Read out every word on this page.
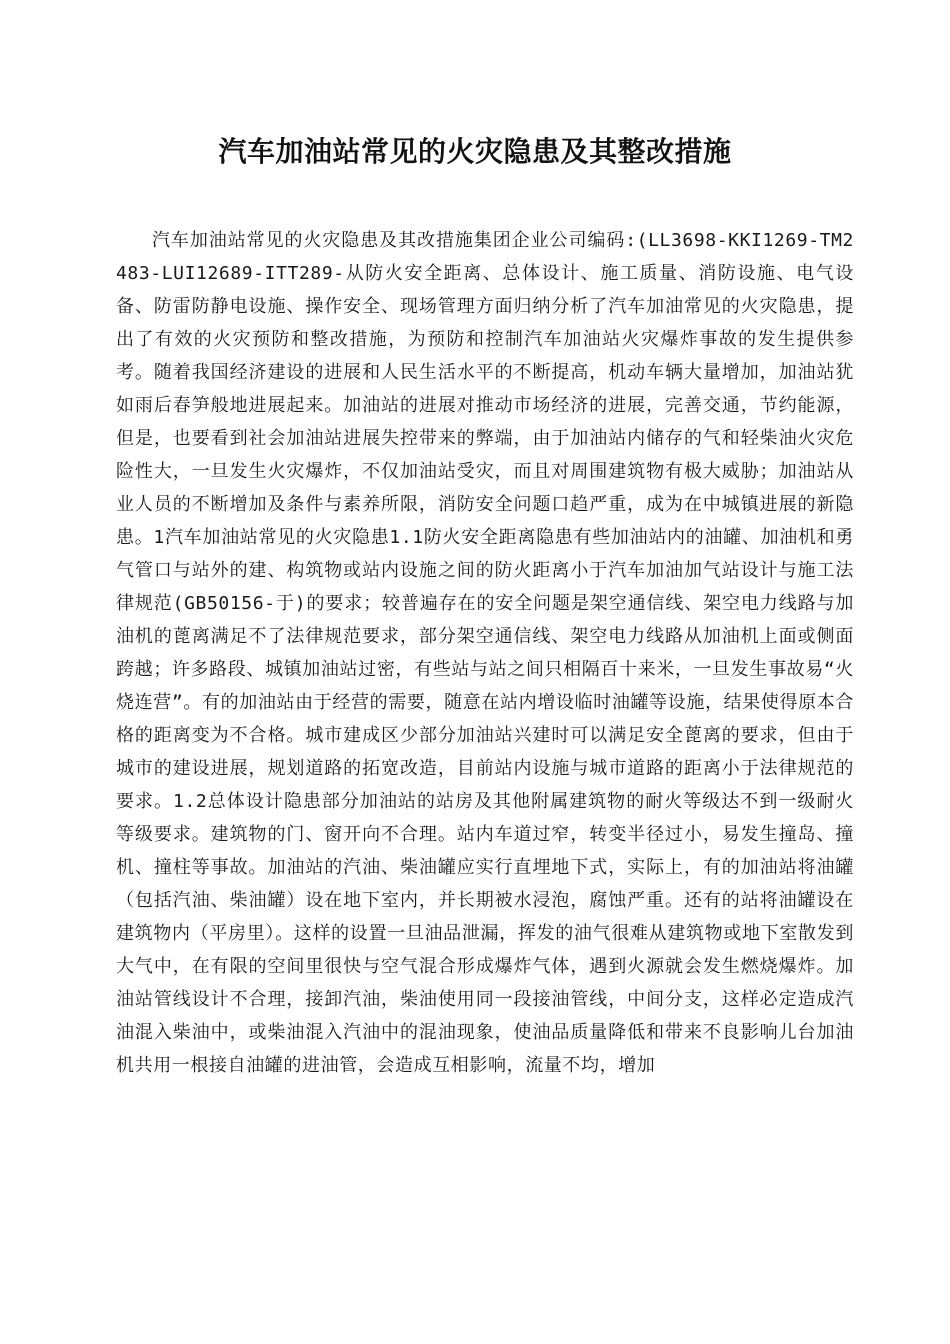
汽车加油站常见的火灾隐患及其整改措施

汽车加油站常见的火灾隐患及其改措施集团企业公司编码:(LL3698-KKI1269-TM2483-LUI12689-ITT289-从防火安全距离、总体设计、施工质量、消防设施、电气设备、防雷防静电设施、操作安全、现场管理方面归纳分析了汽车加油常见的火灾隐患，提出了有效的火灾预防和整改措施，为预防和控制汽车加油站火灾爆炸事故的发生提供参考。随着我国经济建设的进展和人民生活水平的不断提高，机动车辆大量增加，加油站犹如雨后春笋般地进展起来。加油站的进展对推动市场经济的进展，完善交通，节约能源，但是，也要看到社会加油站进展失控带来的弊端，由于加油站内储存的气和轻柴油火灾危险性大，一旦发生火灾爆炸，不仅加油站受灾，而且对周围建筑物有极大威胁；加油站从业人员的不断增加及条件与素养所限，消防安全问题口趋严重，成为在中城镇进展的新隐患。1汽车加油站常见的火灾隐患1.1防火安全距离隐患有些加油站内的油罐、加油机和勇气管口与站外的建、构筑物或站内设施之间的防火距离小于汽车加油加气站设计与施工法律规范(GB50156-于)的要求；较普遍存在的安全问题是架空通信线、架空电力线路与加油机的蓖离满足不了法律规范要求，部分架空通信线、架空电力线路从加油机上面或侧面跨越；许多路段、城镇加油站过密，有些站与站之间只相隔百十来米，一旦发生事故易“火烧连营”。有的加油站由于经营的需要，随意在站内增设临时油罐等设施，结果使得原本合格的距离变为不合格。城市建成区少部分加油站兴建时可以满足安全蓖离的要求，但由于城市的建设进展，规划道路的拓宽改造，目前站内设施与城市道路的距离小于法律规范的要求。1.2总体设计隐患部分加油站的站房及其他附属建筑物的耐火等级达不到一级耐火等级要求。建筑物的门、窗开向不合理。站内车道过窄，转变半径过小，易发生撞岛、撞机、撞柱等事故。加油站的汽油、柴油罐应实行直埋地下式，实际上，有的加油站将油罐（包括汽油、柴油罐）设在地下室内，并长期被水浸泡，腐蚀严重。还有的站将油罐设在建筑物内（平房里）。这样的设置一旦油品泄漏，挥发的油气很难从建筑物或地下室散发到大气中，在有限的空间里很快与空气混合形成爆炸气体，遇到火源就会发生燃烧爆炸。加油站管线设计不合理，接卸汽油，柴油使用同一段接油管线，中间分支，这样必定造成汽油混入柴油中，或柴油混入汽油中的混油现象，使油品质量降低和带来不良影响儿台加油机共用一根接自油罐的进油管，会造成互相影响，流量不均，增加
